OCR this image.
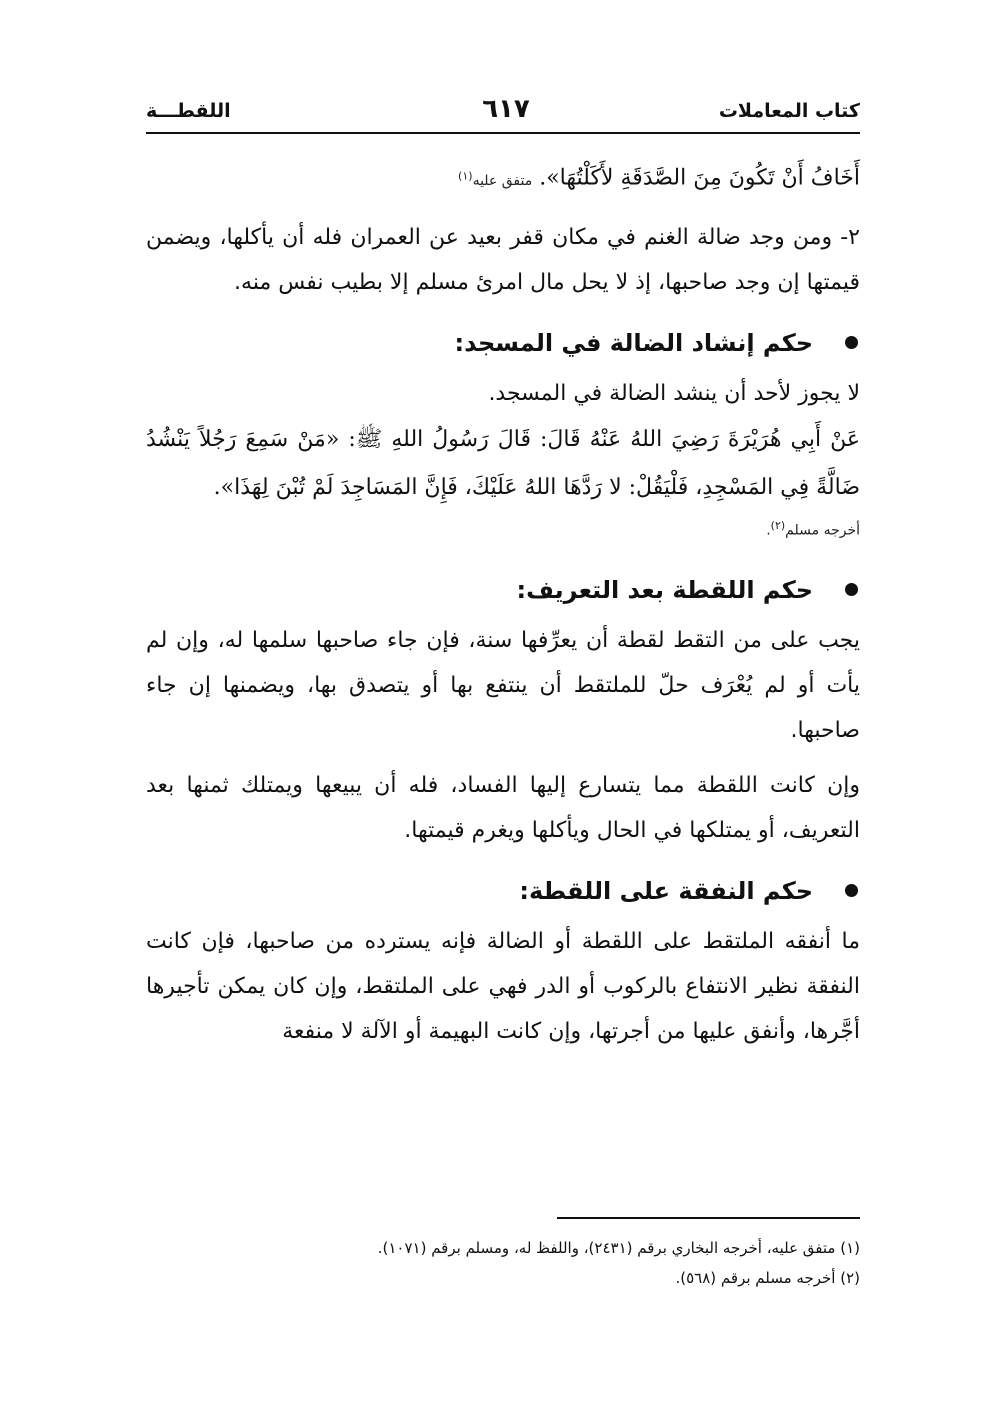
كتاب المعاملات
٦١٧
اللقطـــة

أَخَافُ أَنْ تَكُونَ مِنَ الصَّدَقَةِ لأَكَلْتُهَا». متفق عليه$^{(١)}$

٢- ومن وجد ضالة الغنم في مكان قفر بعيد عن العمران فله أن يأكلها، ويضمن قيمتها إن وجد صاحبها، إذ لا يحل مال امرئ مسلم إلا بطيب نفس منه.

حكم إنشاد الضالة في المسجد:

لا يجوز لأحد أن ينشد الضالة في المسجد.

عَنْ أَبِي هُرَيْرَةَ رَضِيَ اللهُ عَنْهُ قَالَ: قَالَ رَسُولُ اللهِ ﷺ: «مَنْ سَمِعَ رَجُلاً يَنْشُدُ ضَالَّةً فِي المَسْجِدِ، فَلْيَقُلْ: لا رَدَّهَا اللهُ عَلَيْكَ، فَإِنَّ المَسَاجِدَ لَمْ تُبْنَ لِهَذَا».

أخرجه مسلم$^{(٢)}$.

حكم اللقطة بعد التعريف:

يجب على من التقط لقطة أن يعرِّفها سنة، فإن جاء صاحبها سلمها له، وإن لم يأت أو لم يُعْرَف حلّ للملتقط أن ينتفع بها أو يتصدق بها، ويضمنها إن جاء صاحبها.

وإن كانت اللقطة مما يتسارع إليها الفساد، فله أن يبيعها ويمتلك ثمنها بعد التعريف، أو يمتلكها في الحال ويأكلها ويغرم قيمتها.

حكم النفقة على اللقطة:

ما أنفقه الملتقط على اللقطة أو الضالة فإنه يسترده من صاحبها، فإن كانت النفقة نظير الانتفاع بالركوب أو الدر فهي على الملتقط، وإن كان يمكن تأجيرها أجَّرها، وأنفق عليها من أجرتها، وإن كانت البهيمة أو الآلة لا منفعة

(١) متفق عليه، أخرجه البخاري برقم (٢٤٣١)، واللفظ له، ومسلم برقم (١٠٧١).

(٢) أخرجه مسلم برقم (٥٦٨).
